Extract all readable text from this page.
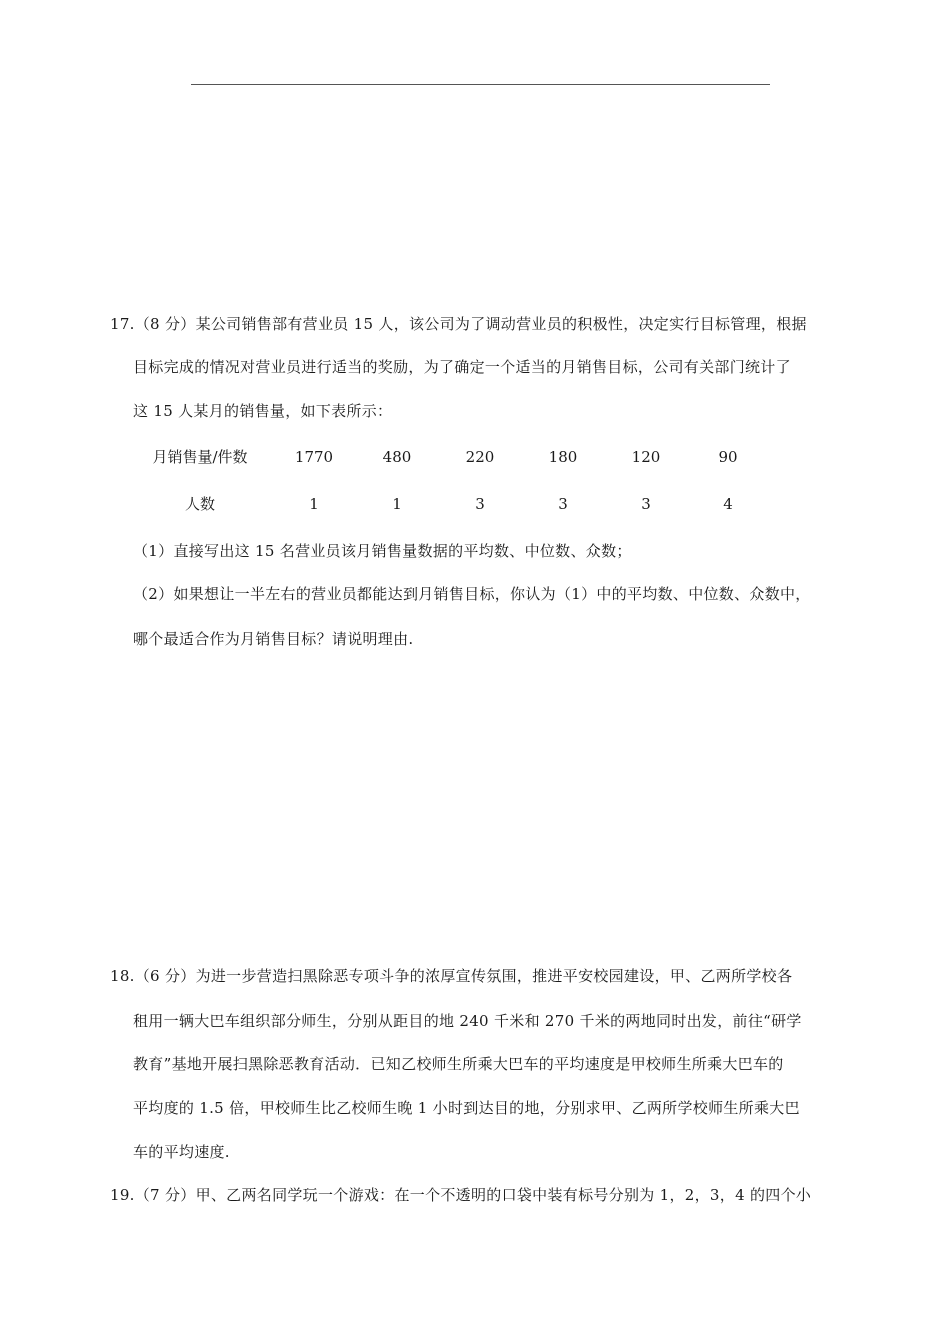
17.（8 分）某公司销售部有营业员 15 人，该公司为了调动营业员的积极性，决定实行目标管理，根据
目标完成的情况对营业员进行适当的奖励，为了确定一个适当的月销售目标，公司有关部门统计了
这 15 人某月的销售量，如下表所示：
月销售量/件数	1770	480	220	180	120	90
人数	1	1	3	3	3	4
（1）直接写出这 15 名营业员该月销售量数据的平均数、中位数、众数；
（2）如果想让一半左右的营业员都能达到月销售目标，你认为（1）中的平均数、中位数、众数中，
哪个最适合作为月销售目标？请说明理由.
18.（6 分）为进一步营造扫黑除恶专项斗争的浓厚宣传氛围，推进平安校园建设，甲、乙两所学校各
租用一辆大巴车组织部分师生，分别从距目的地 240 千米和 270 千米的两地同时出发，前往“研学
教育”基地开展扫黑除恶教育活动．已知乙校师生所乘大巴车的平均速度是甲校师生所乘大巴车的
平均度的 1.5 倍，甲校师生比乙校师生晚 1 小时到达目的地，分别求甲、乙两所学校师生所乘大巴
车的平均速度.
19.（7 分）甲、乙两名同学玩一个游戏：在一个不透明的口袋中装有标号分别为 1，2，3，4 的四个小
